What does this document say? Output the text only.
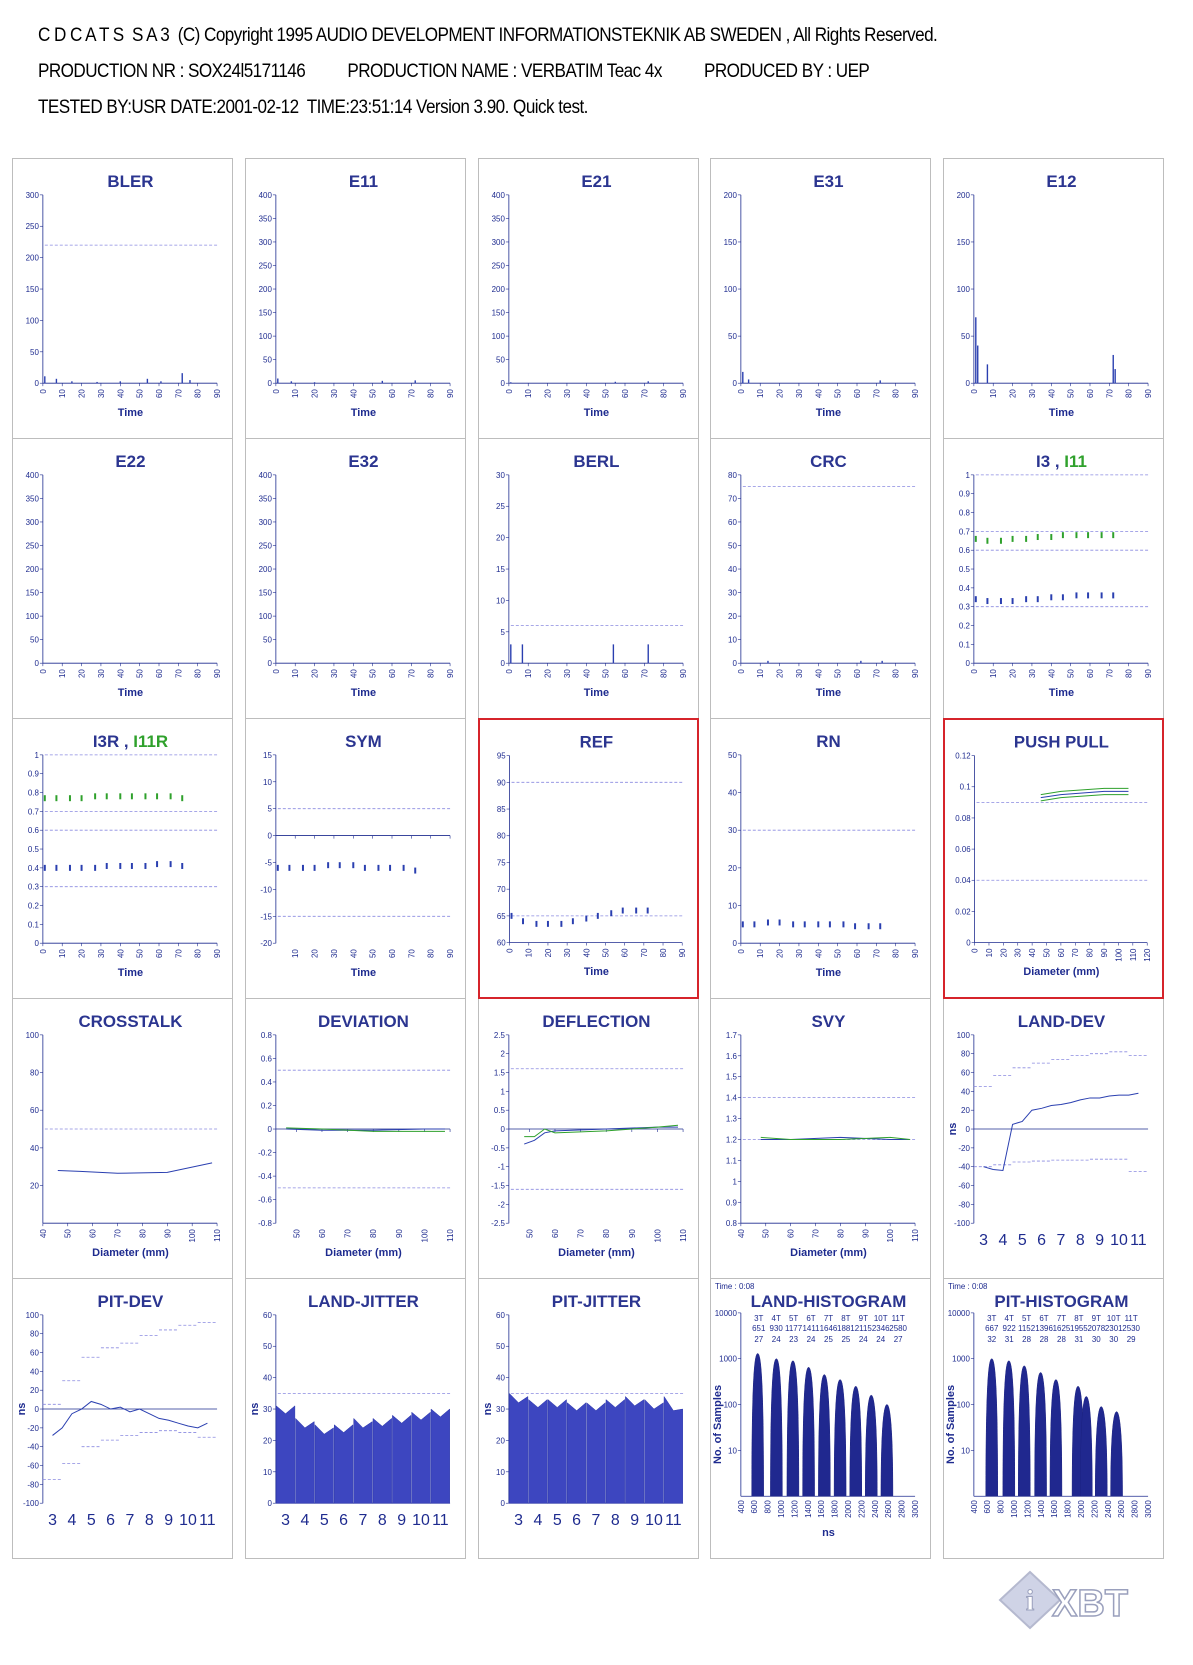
C D C A T S  S A 3  (C) Copyright 1995 AUDIO DEVELOPMENT INFORMATIONSTEKNIK AB SWEDEN , All Rights Reserved.
PRODUCTION NR : SOX24l5171146          PRODUCTION NAME : VERBATIM Teac 4x          PRODUCED BY : UEP
TESTED BY:USR DATE:2001-02-12  TIME:23:51:14 Version 3.90. Quick test.
BLER
0
50
100
150
200
250
300
0 10 20 30 40 50 60 70 80 90
Time
E11
0
50
100
150
200
250
300
350
400
0 10 20 30 40 50 60 70 80 90
Time
E21
0
50
100
150
200
250
300
350
400
0 10 20 30 40 50 60 70 80 90
Time
E31
0
50
100
150
200
0 10 20 30 40 50 60 70 80 90
Time
E12
0
50
100
150
200
0 10 20 30 40 50 60 70 80 90
Time
E22
0
50
100
150
200
250
300
350
400
0 10 20 30 40 50 60 70 80 90
Time
E32
0
50
100
150
200
250
300
350
400
0 10 20 30 40 50 60 70 80 90
Time
BERL
0
5
10
15
20
25
30
0 10 20 30 40 50 60 70 80 90
Time
CRC
0
10
20
30
40
50
60
70
80
0 10 20 30 40 50 60 70 80 90
Time
I3 , I11
0
0.1
0.2
0.3
0.4
0.5
0.6
0.7
0.8
0.9
1
0 10 20 30 40 50 60 70 80 90
Time
I3R , I11R
0
0.1
0.2
0.3
0.4
0.5
0.6
0.7
0.8
0.9
1
0 10 20 30 40 50 60 70 80 90
Time
SYM
-20
-15
-10
-5
0
5
10
15
10 20 30 40 50 60 70 80 90
Time
REF
60
65
70
75
80
85
90
95
0 10 20 30 40 50 60 70 80 90
Time
RN
0
10
20
30
40
50
0 10 20 30 40 50 60 70 80 90
Time
PUSH PULL
0
0.02
0.04
0.06
0.08
0.1
0.12
0 10 20 30 40 50 60 70 80 90 100 110 120
Diameter (mm)
CROSSTALK
20
40
60
80
100
40 50 60 70 80 90 100 110
Diameter (mm)
DEVIATION
-0.8
-0.6
-0.4
-0.2
0
0.2
0.4
0.6
0.8
50 60 70 80 90 100 110
Diameter (mm)
DEFLECTION
-2.5
-2
-1.5
-1
-0.5
0
0.5
1
1.5
2
2.5
50 60 70 80 90 100 110
Diameter (mm)
SVY
0.8
0.9
1
1.1
1.2
1.3
1.4
1.5
1.6
1.7
40 50 60 70 80 90 100 110
Diameter (mm)
LAND-DEV
-100
-80
-60
-40
-20
0
20
40
60
80
100
3 4 5 6 7 8 9 10 11
ns
PIT-DEV
-100
-80
-60
-40
-20
0
20
40
60
80
100
3 4 5 6 7 8 9 10 11
ns
LAND-JITTER
0
10
20
30
40
50
60
3 4 5 6 7 8 9 10 11
ns
PIT-JITTER
0
10
20
30
40
50
60
3 4 5 6 7 8 9 10 11
ns
LAND-HISTOGRAM
Time : 0:08
10
100
1000
10000
400 600 800 1000 1200 1400 1600 1800 2000 2200 2400 2600 2800 3000
No. of Samples
ns
3T 4T 5T 6T 7T 8T 9T 10T 11T
651 930 1177 1411 1646 1881 2115 2346 2580
27 24 23 24 25 25 24 24 27
PIT-HISTOGRAM
Time : 0:08
10
100
1000
10000
400 600 800 1000 1200 1400 1600 1800 2000 2200 2400 2600 2800 3000
No. of Samples
3T 4T 5T 6T 7T 8T 9T 10T 11T
667 922 1152 1396 1625 1955 2078 2301 2530
32 31 28 28 28 31 30 30 29
i XBT
